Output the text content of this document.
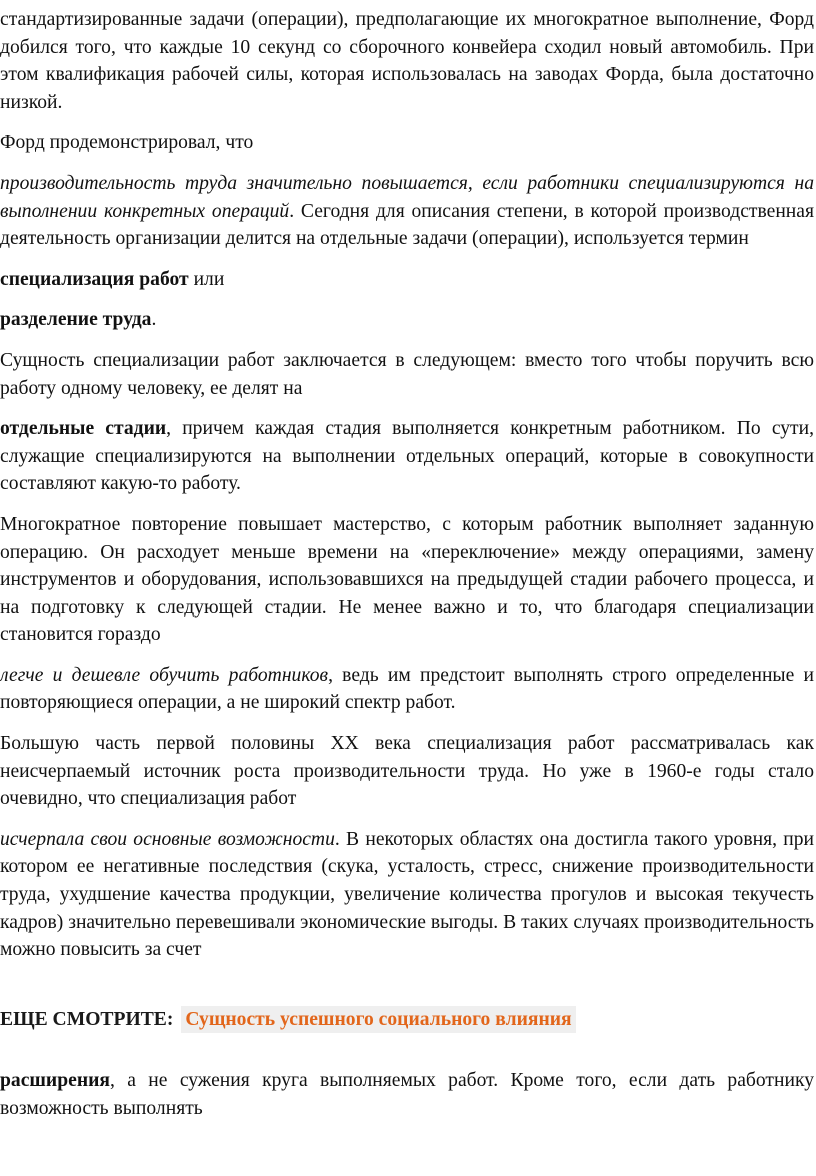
стандартизированные задачи (операции), предполагающие их многократное выполнение, Форд добился того, что каждые 10 секунд со сборочного конвейера сходил новый автомобиль. При этом квалификация рабочей силы, которая использовалась на заводах Форда, была достаточно низкой.

Форд продемонстрировал, что

производительность труда значительно повышается, если работники специализируются на выполнении конкретных операций. Сегодня для описания степени, в которой производственная деятельность организации делится на отдельные задачи (операции), используется термин

специализация работ или

разделение труда.

Сущность специализации работ заключается в следующем: вместо того чтобы поручить всю работу одному человеку, ее делят на

отдельные стадии, причем каждая стадия выполняется конкретным работником. По сути, служащие специализируются на выполнении отдельных операций, которые в совокупности составляют какую-то работу.

Многократное повторение повышает мастерство, с которым работник выполняет заданную операцию. Он расходует меньше времени на «переключение» между операциями, замену инструментов и оборудования, использовавшихся на предыдущей стадии рабочего процесса, и на подготовку к следующей стадии. Не менее важно и то, что благодаря специализации становится гораздо

легче и дешевле обучить работников, ведь им предстоит выполнять строго определенные и повторяющиеся операции, а не широкий спектр работ.

Большую часть первой половины XX века специализация работ рассматривалась как неисчерпаемый источник роста производительности труда. Но уже в 1960-е годы стало очевидно, что специализация работ

исчерпала свои основные возможности. В некоторых областях она достигла такого уровня, при котором ее негативные последствия (скука, усталость, стресс, снижение производительности труда, ухудшение качества продукции, увеличение количества прогулов и высокая текучесть кадров) значительно перевешивали экономические выгоды. В таких случаях производительность можно повысить за счет

ЕЩЕ СМОТРИТЕ: Сущность успешного социального влияния

расширения, а не сужения круга выполняемых работ. Кроме того, если дать работнику возможность выполнять
